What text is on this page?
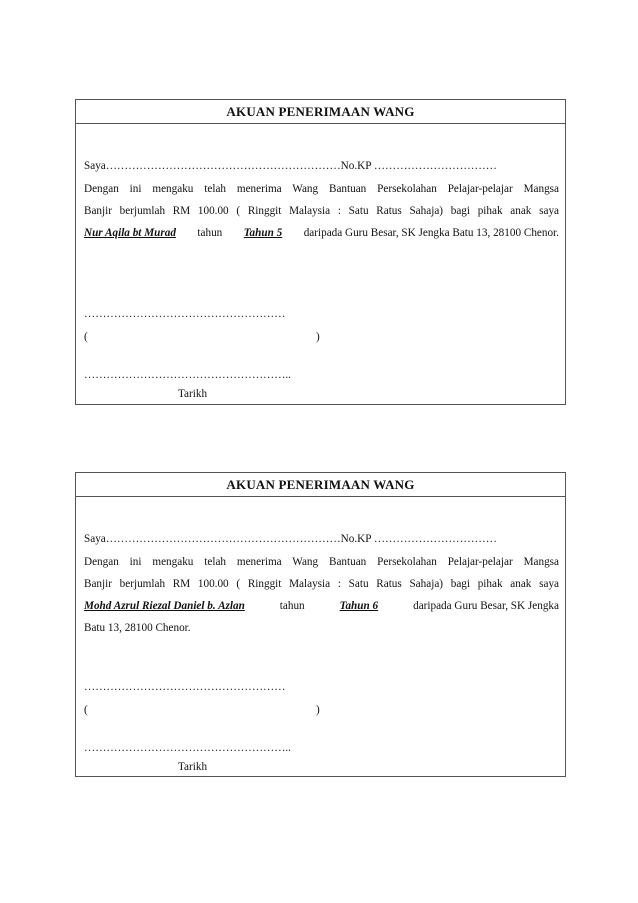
AKUAN PENERIMAAN WANG
Saya………………………………………………………No.KP ……………………………
Dengan ini mengaku telah menerima Wang Bantuan Persekolahan Pelajar-pelajar Mangsa
Banjir berjumlah RM 100.00 ( Ringgit Malaysia : Satu Ratus Sahaja) bagi pihak anak saya
Nur Aqila bt Murad tahun Tahun 5 daripada Guru Besar, SK Jengka Batu 13, 28100 Chenor.
………………………………………………
(	)
………………………………………………..
Tarikh
AKUAN PENERIMAAN WANG
Saya………………………………………………………No.KP ……………………………
Dengan ini mengaku telah menerima Wang Bantuan Persekolahan Pelajar-pelajar Mangsa
Banjir berjumlah RM 100.00 ( Ringgit Malaysia : Satu Ratus Sahaja) bagi pihak anak saya
Mohd Azrul Riezal Daniel b. Azlan	tahun	Tahun 6	daripada Guru Besar, SK Jengka
Batu 13, 28100 Chenor.
………………………………………………
(	)
………………………………………………..
Tarikh
